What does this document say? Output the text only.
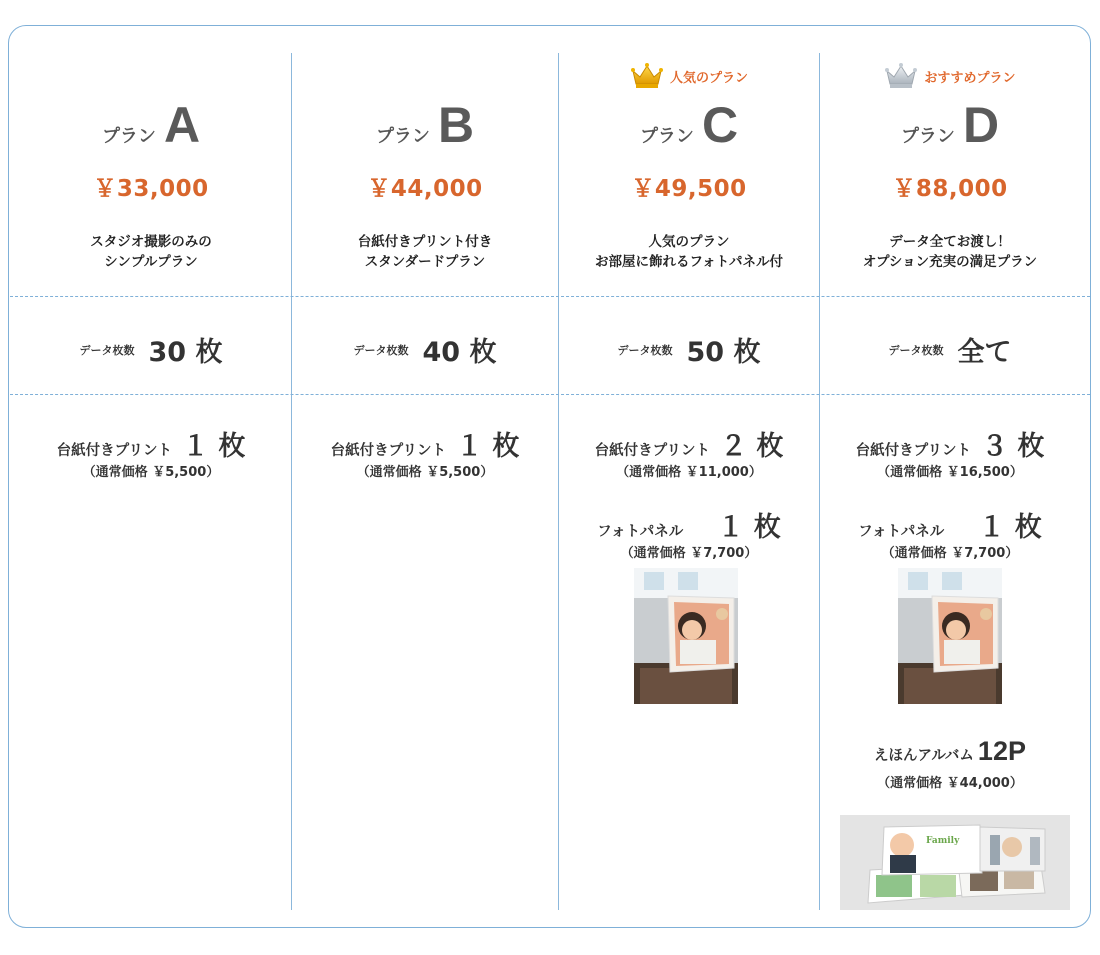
プラン A
￥33,000
スタジオ撮影のみの
シンプルプラン
データ枚数 30 枚
台紙付きプリント １ 枚
（通常価格 ￥5,500）
プラン B
￥44,000
台紙付きプリント付き
スタンダードプラン
データ枚数 40 枚
台紙付きプリント １ 枚
（通常価格 ￥5,500）
人気のプラン
プラン C
￥49,500
人気のプラン
お部屋に飾れるフォトパネル付
データ枚数 50 枚
台紙付きプリント ２ 枚
（通常価格 ￥11,000）
フォトパネル １ 枚
（通常価格 ￥7,700）
おすすめプラン
プラン D
￥88,000
データ全てお渡し！
オプション充実の満足プラン
データ枚数 全て
台紙付きプリント ３ 枚
（通常価格 ￥16,500）
フォトパネル １ 枚
（通常価格 ￥7,700）
えほんアルバム 12P
（通常価格 ￥44,000）
Family
